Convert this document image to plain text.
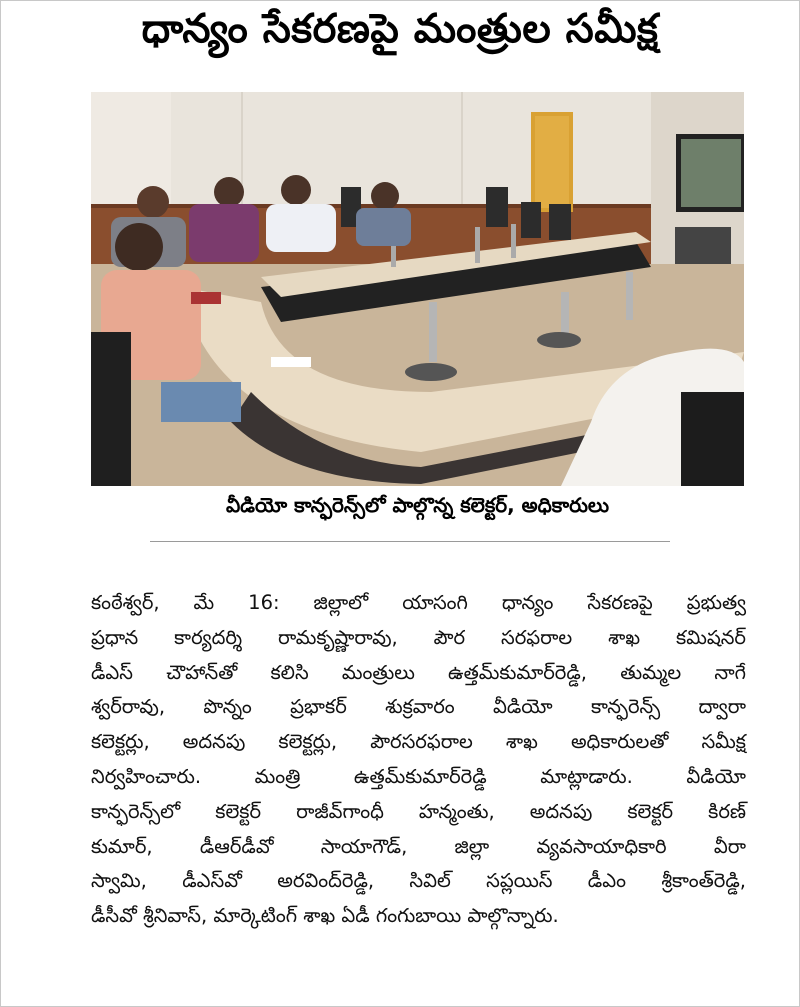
ధాన్యం సేకరణపై మంత్రుల సమీక్ష
వీడియో కాన్ఫరెన్స్‌లో పాల్గొన్న కలెక్టర్‌, అధికారులు
కంఠేశ్వర్‌, మే 16: జిల్లాలో యాసంగి ధాన్యం సేకరణపై ప్రభుత్వ
ప్రధాన కార్యదర్శి రామకృష్ణారావు, పౌర సరఫరాల శాఖ కమిషనర్‌
డీఎస్‌ చౌహాన్‌తో కలిసి మంత్రులు ఉత్తమ్‌కుమార్‌రెడ్డి, తుమ్మల నాగే
శ్వర్‌రావు, పొన్నం ప్రభాకర్‌ శుక్రవారం వీడియో కాన్ఫరెన్స్‌ ద్వారా
కలెక్టర్లు, అదనపు కలెక్టర్లు, పౌరసరఫరాల శాఖ అధికారులతో సమీక్ష
నిర్వహించారు. మంత్రి ఉత్తమ్‌కుమార్‌రెడ్డి మాట్లాడారు. వీడియో
కాన్ఫరెన్స్‌లో కలెక్టర్‌ రాజీవ్‌గాంధీ హన్మంతు, అదనపు కలెక్టర్‌ కిరణ్‌
కుమార్‌, డీఆర్‌డీవో సాయాగౌడ్‌, జిల్లా వ్యవసాయాధికారి వీరా
స్వామి, డీఎస్‌వో అరవింద్‌రెడ్డి, సివిల్‌ సప్లయిస్‌ డీఎం శ్రీకాంత్‌రెడ్డి,
డీసీవో శ్రీనివాస్‌, మార్కెటింగ్‌ శాఖ ఏడీ గంగుబాయి పాల్గొన్నారు.
